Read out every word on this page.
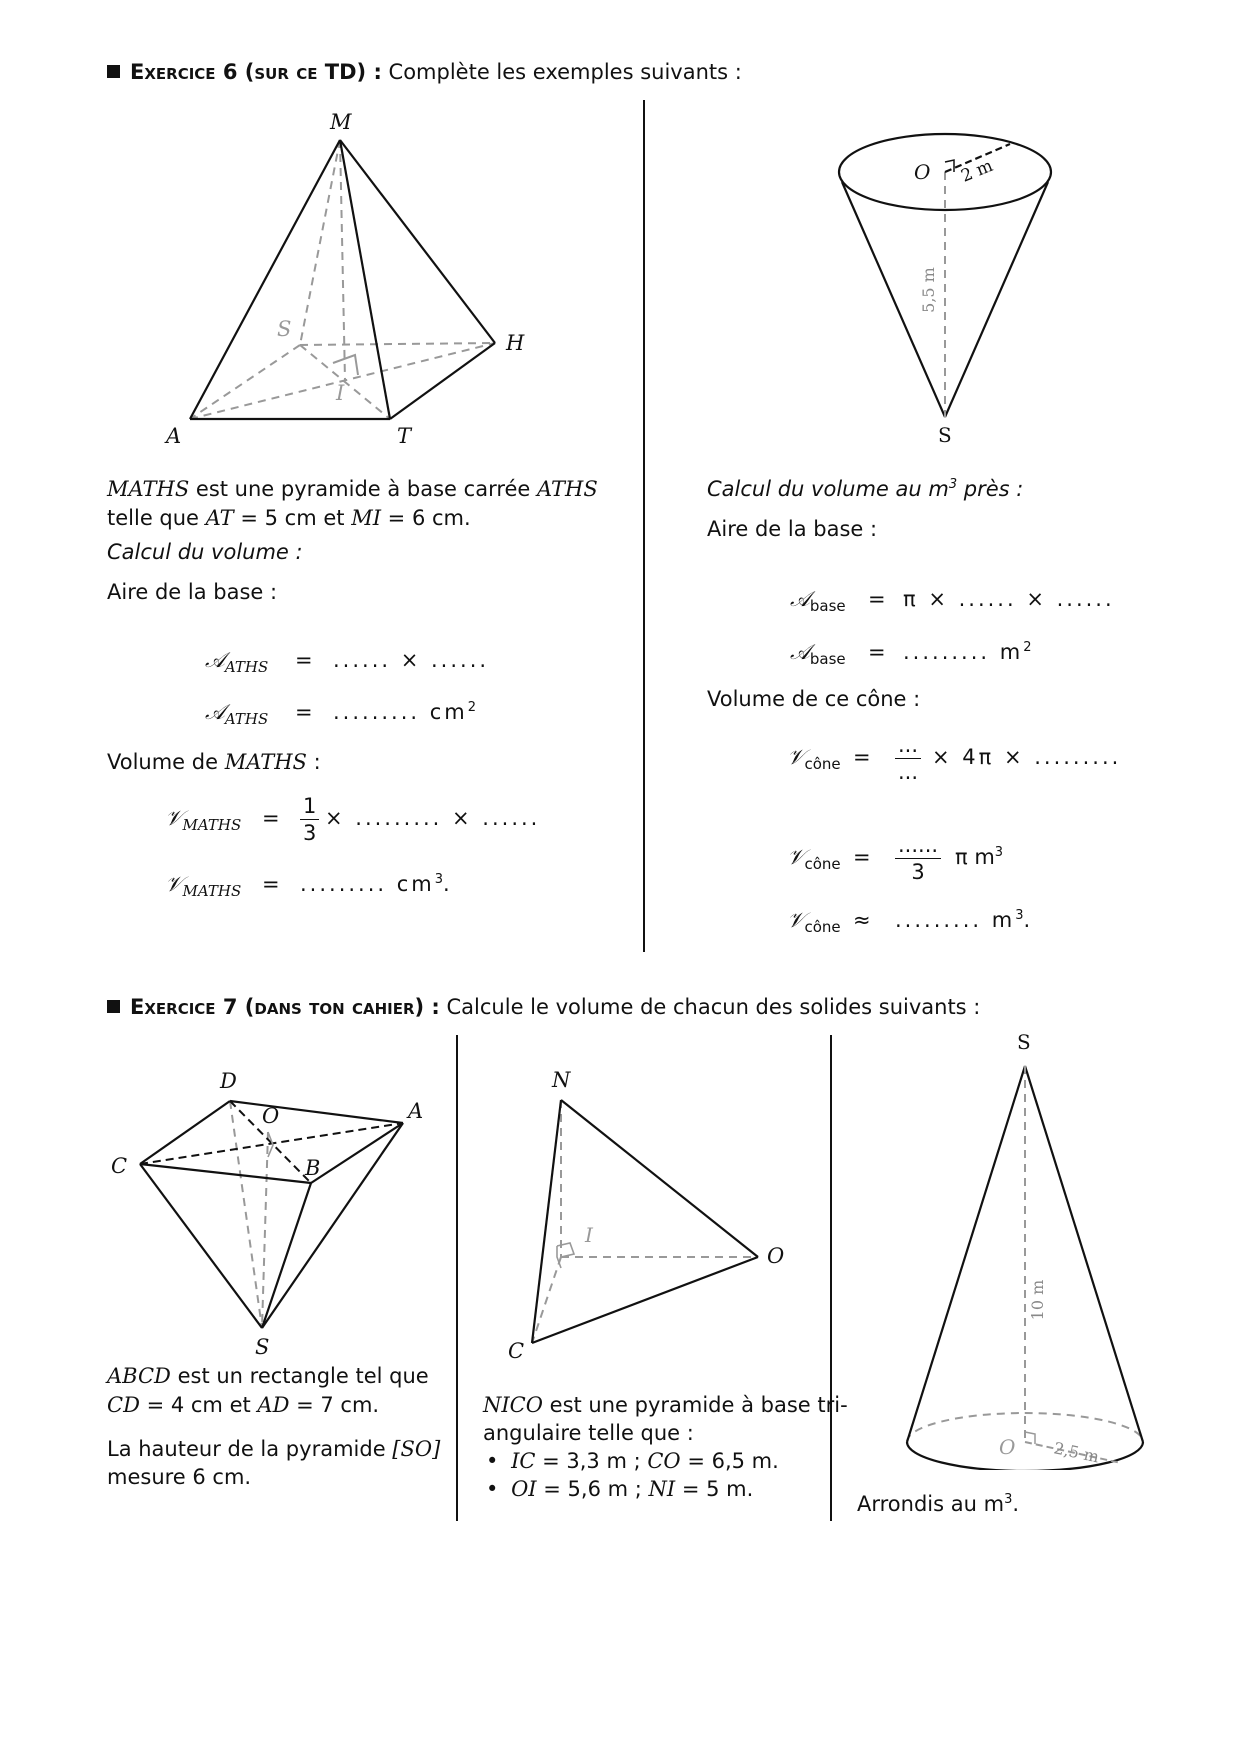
Exercice 6 (sur ce TD) : Complète les exemples suivants :
M
S
H
I
A	T
MATHS est une pyramide à base carrée ATHS
telle que AT = 5 cm et MI = 6 cm.
Calcul du volume :
Aire de la base :
𝒜$_{ATHS}$ = ...... × ......
𝒜$_{ATHS}$ = ......... $cm^2$
Volume de MATHS :
𝒱$_{MATHS}$ = $\frac{1}{3}$ × ......... × ......
𝒱$_{MATHS}$ = ......... $cm^3$.
O 2 m
5,5 m
S
Calcul du volume au $m^3$ près :
Aire de la base :
𝒜$_{base}$ = π × ...... × ......
𝒜$_{base}$ = ......... $m^2$
Volume de ce cône :
𝒱$_{cône}$ = ...
...
× 4π × .........
𝒱$_{cône}$ = ......
3
π $m^3$
𝒱$_{cône}$ ≈ ......... $m^3$.
Exercice 7 (dans ton cahier) : Calcule le volume de chacun des solides suivants :
D
O	A
C	B
S
ABCD est un rectangle tel que
CD = 4 cm et AD = 7 cm.
La hauteur de la pyramide [SO]
mesure 6 cm.
N
I
O
C
NICO est une pyramide à base tri-
angulaire telle que :
• IC = 3,3 m ; CO = 6,5 m.
• OI = 5,6 m ; NI = 5 m.
S
10 m
O 2,5 m
Arrondis au $m^3$.
